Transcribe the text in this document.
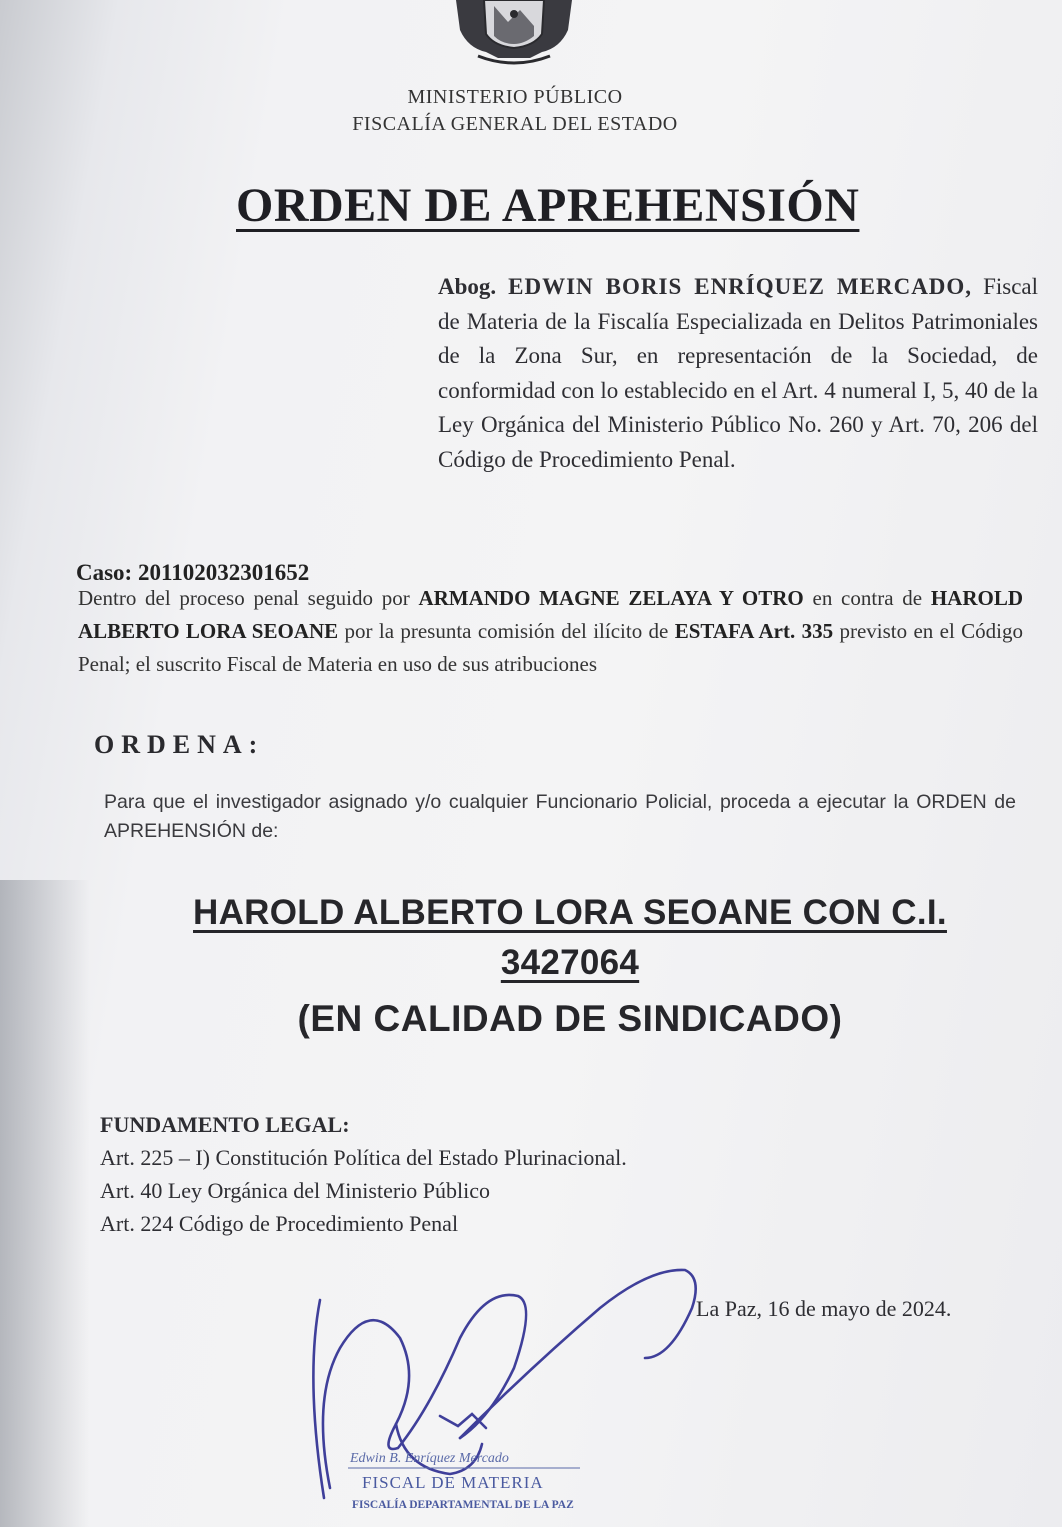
MINISTERIO PÚBLICO
FISCALÍA GENERAL DEL ESTADO
ORDEN DE APREHENSIÓN
Abog. EDWIN BORIS ENRÍQUEZ MERCADO, Fiscal de Materia de la Fiscalía Especializada en Delitos Patrimoniales de la Zona Sur, en representación de la Sociedad, de conformidad con lo establecido en el Art. 4 numeral I, 5, 40 de la Ley Orgánica del Ministerio Público No. 260 y Art. 70, 206 del Código de Procedimiento Penal.
Caso: 201102032301652
Dentro del proceso penal seguido por ARMANDO MAGNE ZELAYA Y OTRO en contra de HAROLD ALBERTO LORA SEOANE por la presunta comisión del ilícito de ESTAFA Art. 335 previsto en el Código Penal; el suscrito Fiscal de Materia en uso de sus atribuciones
ORDENA:
Para que el investigador asignado y/o cualquier Funcionario Policial, proceda a ejecutar la ORDEN de APREHENSIÓN de:
HAROLD ALBERTO LORA SEOANE CON C.I.
3427064
(EN CALIDAD DE SINDICADO)
FUNDAMENTO LEGAL:
Art. 225 – I) Constitución Política del Estado Plurinacional.
Art. 40 Ley Orgánica del Ministerio Público
Art. 224 Código de Procedimiento Penal
La Paz, 16 de mayo de 2024.
Edwin B. Enríquez Mercado
FISCAL DE MATERIA
FISCALÍA DEPARTAMENTAL DE LA PAZ
